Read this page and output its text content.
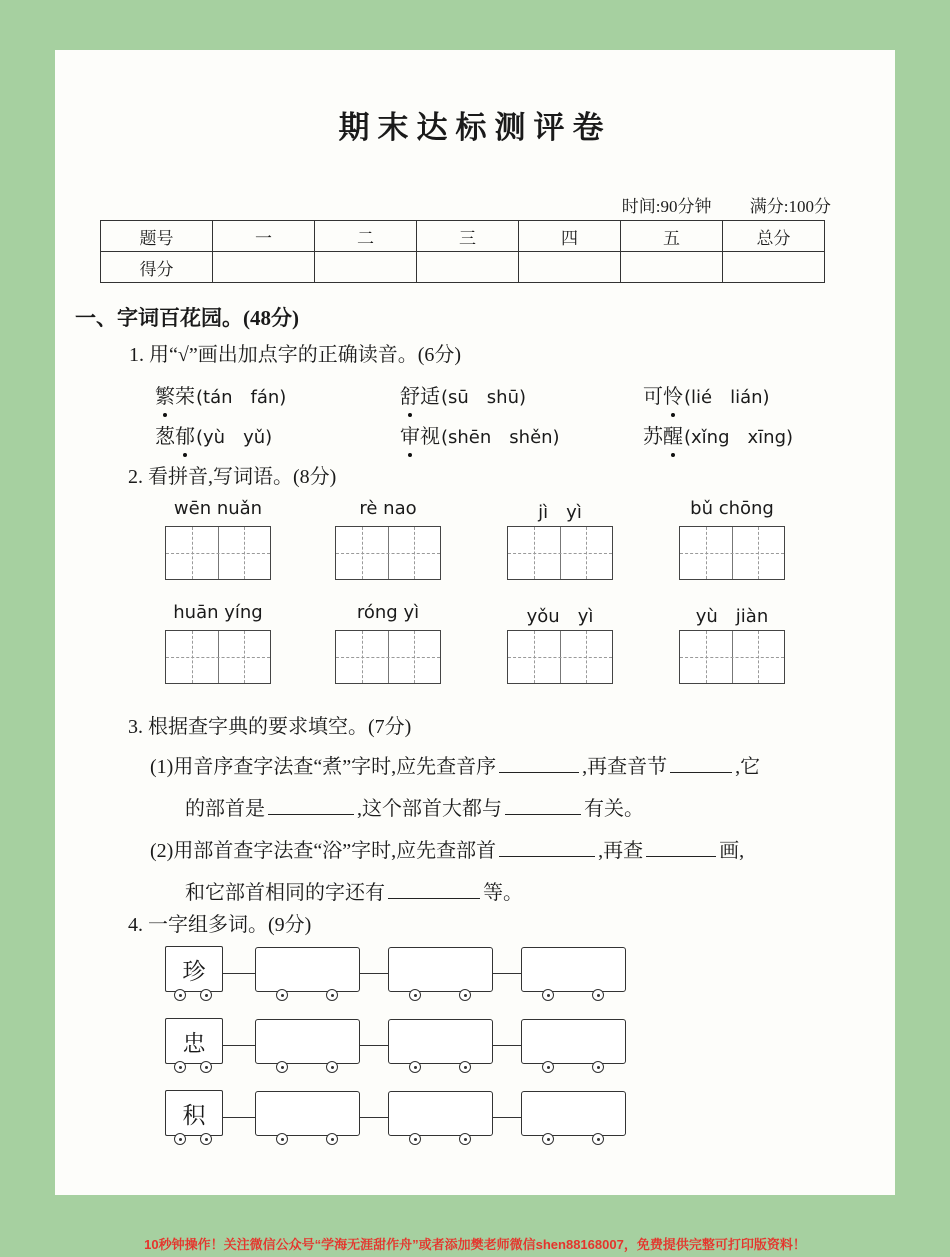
期末达标测评卷
时间:90分钟 满分:100分
题号	一	二	三	四	五	总分
得分						
一、字词百花园。(48分)
1. 用“√”画出加点字的正确读音。(6分)
繁荣(tán　fán)	舒适(sū　shū)	可怜(lié　lián)
葱郁(yù　yǔ)	审视(shēn　shěn)	苏醒(xǐng　xīng)
2. 看拼音,写词语。(8分)
wēn nuǎn	rè nao	jì　yì	bǔ chōng
huān yíng	róng yì	yǒu　yì	yù　jiàn
3. 根据查字典的要求填空。(7分)
(1)用音序查字法查“煮”字时,应先查音序	,再查音节	,它
的部首是	,这个部首大都与	有关。
(2)用部首查字法查“浴”字时,应先查部首	,再查	画,
和它部首相同的字还有	等。
4. 一字组多词。(9分)
珍
忠
积
10秒钟操作！关注微信公众号“学海无涯甜作舟”或者添加樊老师微信shen88168007，免费提供完整可打印版资料！
